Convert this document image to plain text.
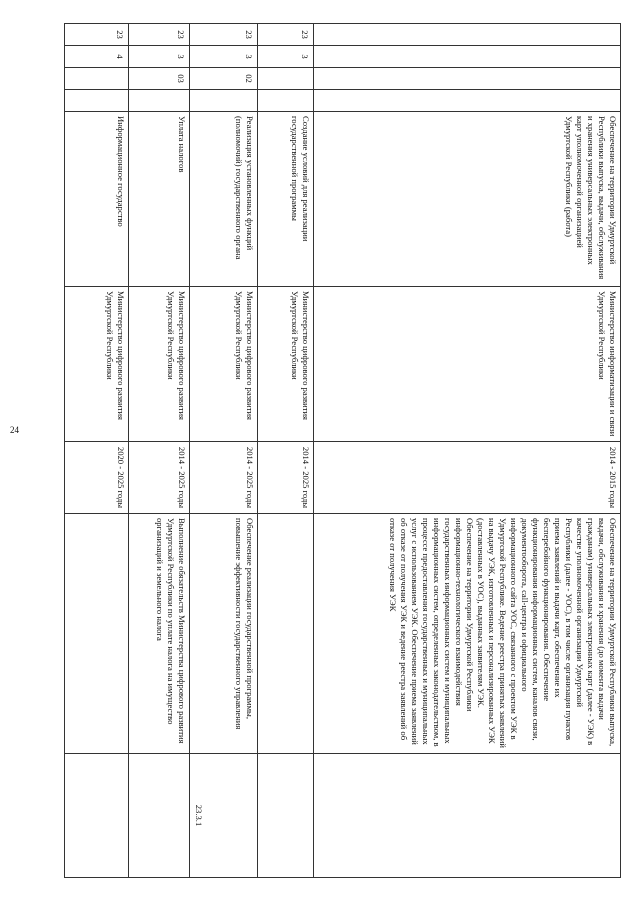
24
				Обеспечение на территории Удмуртской Республики выпуска, выдачи, обслуживания и хранения универсальных электронных карт уполномоченной организацией Удмуртской Республики (работа)	Министерство информатизации и связи Удмуртской Республики	2014 - 2015 годы	Обеспечение на территории Удмуртской Республики выпуска, выдачи, обслуживания и хранения (до момента выдачи гражданам) универсальных электронных карт (далее - УЭК) в качестве уполномоченной организации Удмуртской Республики (далее - УОС), в том числе организация пунктов приема заявлений и выдачи карт, обеспечение их бесперебойного функционирования. Обеспечение функционирования информационных систем, каналов связи, документооборота, call-центра и официального информационного сайта УОС, связанного с проектом УЭК в Удмуртской Республике. Ведение реестра принятых заявлений на выдачу УЭК, изготовленных и персонализированных УЭК (доставленных в УОС), выданных заявителям УЭК. Обеспечение на территории Удмуртской Республики информационно-технологического взаимодействия государственных информационных систем и муниципальных информационных систем, определенных законодательством, в процессе предоставления государственных и муниципальных услуг с использованием УЭК. Обеспечение приема заявлений об отказе от получения УЭК и ведение реестра заявлений об отказе от получения УЭК	
23	3			Создание условий для реализации государственной программы	Министерство цифрового развития Удмуртской Республики	2014 - 2025 годы		
23	3	02		Реализация установленных функций (полномочий) государственного органа	Министерство цифрового развития Удмуртской Республики	2014 - 2025 годы	Обеспечение реализации государственной программы, повышение эффективности государственного управления	23.3.1
23	3	03		Уплата налогов	Министерство цифрового развития Удмуртской Республики	2014 - 2025 годы	Выполнение обязательств Министерства цифрового развития Удмуртской Республики по уплате налога на имущество организаций и земельного налога	
23	4			Информационное государство	Министерство цифрового развития Удмуртской Республики	2020 - 2025 годы		
